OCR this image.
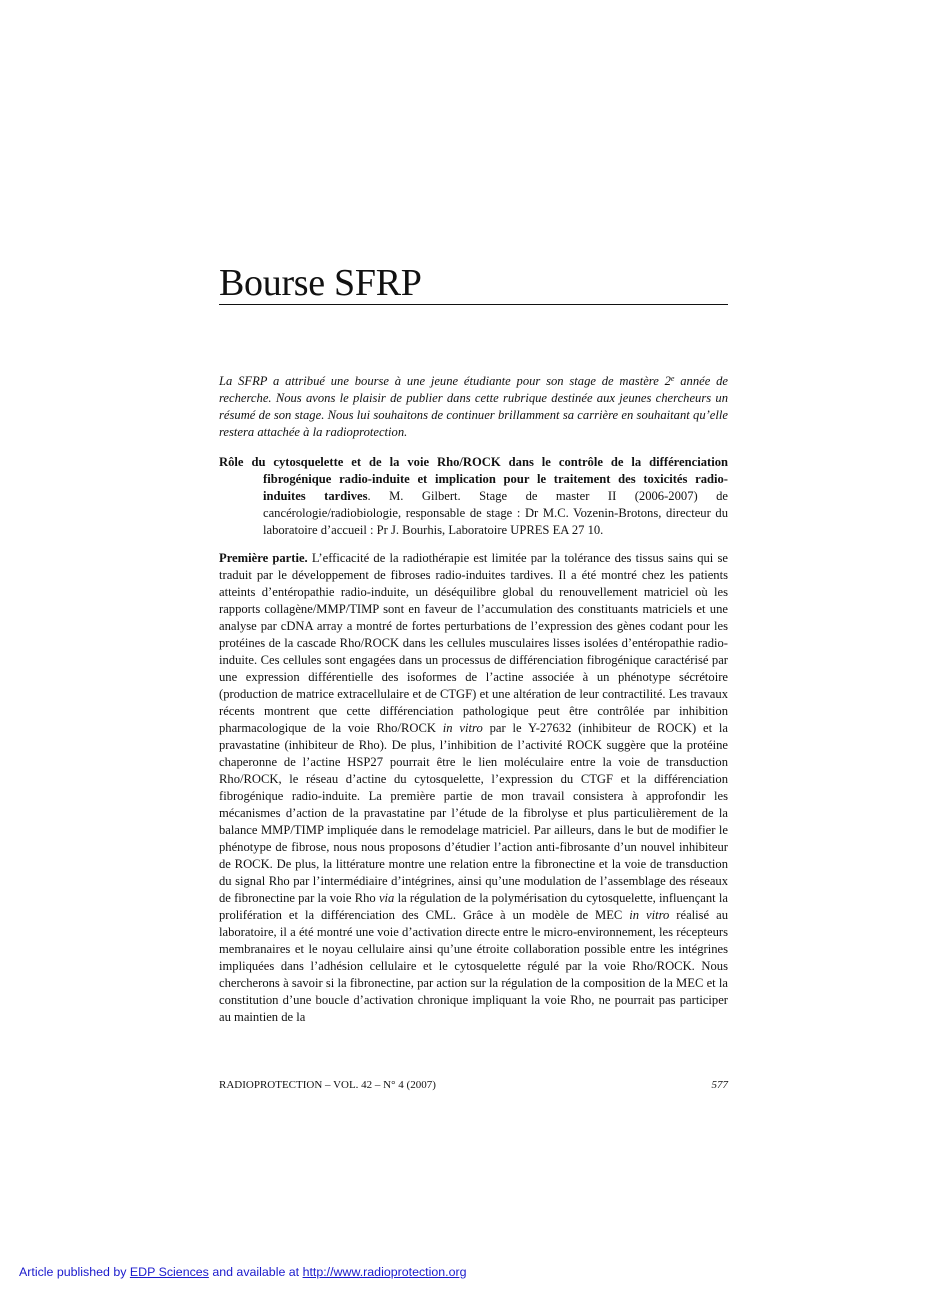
Bourse SFRP

La SFRP a attribué une bourse à une jeune étudiante pour son stage de mastère 2e année de recherche. Nous avons le plaisir de publier dans cette rubrique destinée aux jeunes chercheurs un résumé de son stage. Nous lui souhaitons de continuer brillamment sa carrière en souhaitant qu’elle restera attachée à la radioprotection.

Rôle du cytosquelette et de la voie Rho/ROCK dans le contrôle de la différenciation fibrogénique radio-induite et implication pour le traitement des toxicités radio-induites tardives. M. Gilbert. Stage de master II (2006-2007) de cancérologie/radiobiologie, responsable de stage : Dr M.C. Vozenin-Brotons, directeur du laboratoire d’accueil : Pr J. Bourhis, Laboratoire UPRES EA 27 10.

Première partie. L’efficacité de la radiothérapie est limitée par la tolérance des tissus sains qui se traduit par le développement de fibroses radio-induites tardives. Il a été montré chez les patients atteints d’entéropathie radio-induite, un déséquilibre global du renouvellement matriciel où les rapports collagène/MMP/TIMP sont en faveur de l’accumulation des constituants matriciels et une analyse par cDNA array a montré de fortes perturbations de l’expression des gènes codant pour les protéines de la cascade Rho/ROCK dans les cellules musculaires lisses isolées d’entéropathie radio-induite. Ces cellules sont engagées dans un processus de différenciation fibrogénique caractérisé par une expression différentielle des isoformes de l’actine associée à un phénotype sécrétoire (production de matrice extracellulaire et de CTGF) et une altération de leur contractilité. Les travaux récents montrent que cette différenciation pathologique peut être contrôlée par inhibition pharmacologique de la voie Rho/ROCK in vitro par le Y-27632 (inhibiteur de ROCK) et la pravastatine (inhibiteur de Rho). De plus, l’inhibition de l’activité ROCK suggère que la protéine chaperonne de l’actine HSP27 pourrait être le lien moléculaire entre la voie de transduction Rho/ROCK, le réseau d’actine du cytosquelette, l’expression du CTGF et la différenciation fibrogénique radio-induite. La première partie de mon travail consistera à approfondir les mécanismes d’action de la pravastatine par l’étude de la fibrolyse et plus particulièrement de la balance MMP/TIMP impliquée dans le remodelage matriciel. Par ailleurs, dans le but de modifier le phénotype de fibrose, nous nous proposons d’étudier l’action anti-fibrosante d’un nouvel inhibiteur de ROCK. De plus, la littérature montre une relation entre la fibronectine et la voie de transduction du signal Rho par l’intermédiaire d’intégrines, ainsi qu’une modulation de l’assemblage des réseaux de fibronectine par la voie Rho via la régulation de la polymérisation du cytosquelette, influençant la prolifération et la différenciation des CML. Grâce à un modèle de MEC in vitro réalisé au laboratoire, il a été montré une voie d’activation directe entre le micro-environnement, les récepteurs membranaires et le noyau cellulaire ainsi qu’une étroite collaboration possible entre les intégrines impliquées dans l’adhésion cellulaire et le cytosquelette régulé par la voie Rho/ROCK. Nous chercherons à savoir si la fibronectine, par action sur la régulation de la composition de la MEC et la constitution d’une boucle d’activation chronique impliquant la voie Rho, ne pourrait pas participer au maintien de la

RADIOPROTECTION – VOL. 42 – N° 4 (2007)	577
Article published by EDP Sciences and available at http://www.radioprotection.org
